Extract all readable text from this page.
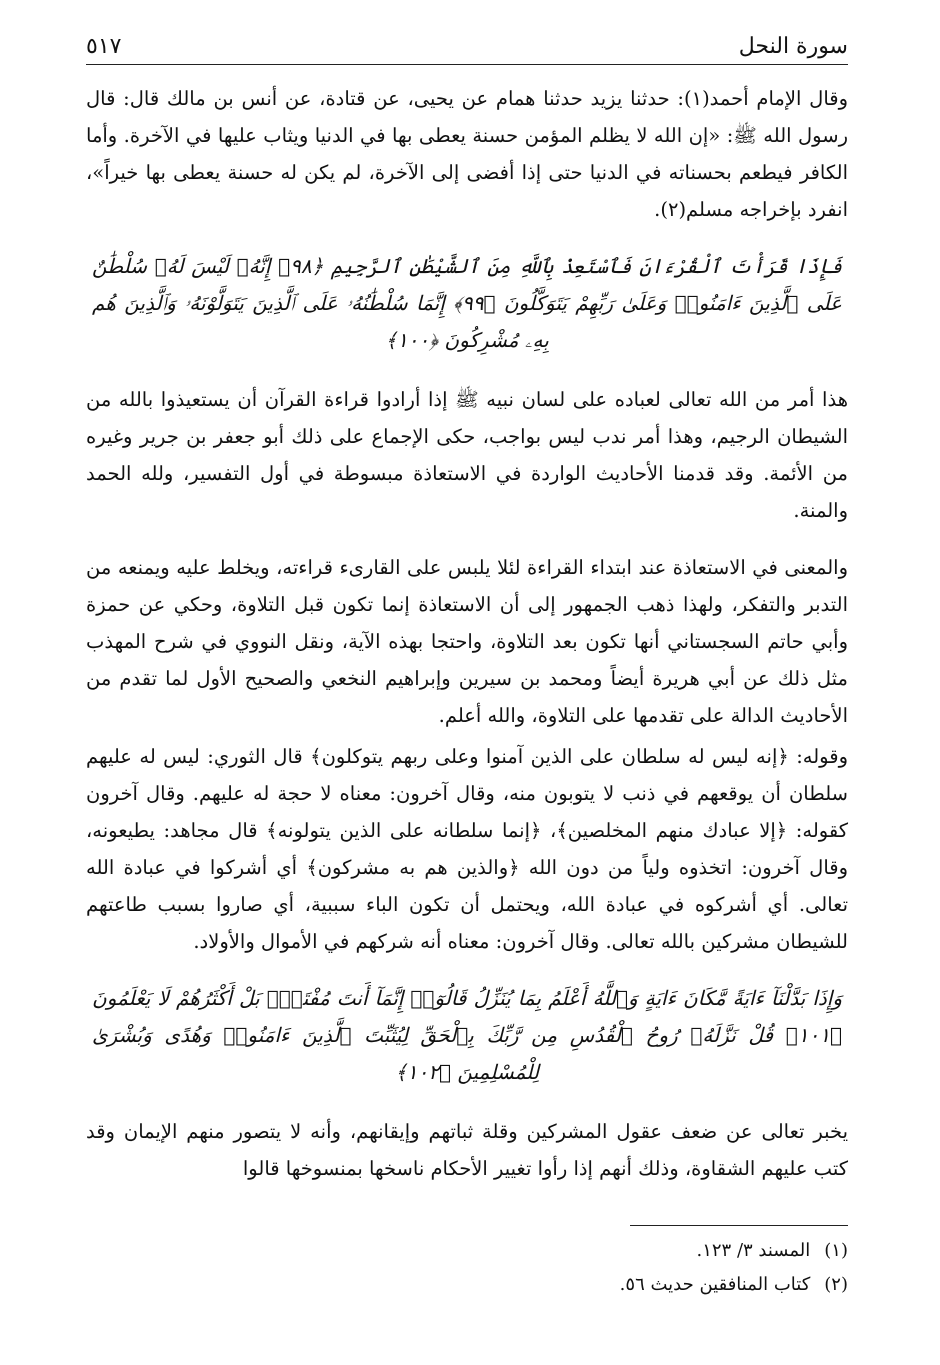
سورة النحل
٥١٧

وقال الإمام أحمد(١): حدثنا يزيد حدثنا همام عن يحيى، عن قتادة، عن أنس بن مالك قال: قال رسول الله ﷺ: «إن الله لا يظلم المؤمن حسنة يعطى بها في الدنيا ويثاب عليها في الآخرة. وأما الكافر فيطعم بحسناته في الدنيا حتى إذا أفضى إلى الآخرة، لم يكن له حسنة يعطى بها خيراً»، انفرد بإخراجه مسلم(٢).

فَإِذَا قَرَأْتَ ٱلْقُرْءَانَ فَٱسْتَعِذْ بِٱللَّهِ مِنَ ٱلشَّيْطَٰنِ ٱلرَّجِيمِ ﴿٩٨﴾ إِنَّهُۥ لَيْسَ لَهُۥ سُلْطَٰنٌ عَلَى ٱلَّذِينَ ءَامَنُوا۟ وَعَلَىٰ رَبِّهِمْ يَتَوَكَّلُونَ ﴿٩٩﴾ إِنَّمَا سُلْطَٰنُهُۥ عَلَى ٱلَّذِينَ يَتَوَلَّوْنَهُۥ وَٱلَّذِينَ هُم بِهِۦ مُشْرِكُونَ ﴿١٠٠﴾

هذا أمر من الله تعالى لعباده على لسان نبيه ﷺ إذا أرادوا قراءة القرآن أن يستعيذوا بالله من الشيطان الرجيم، وهذا أمر ندب ليس بواجب، حكى الإجماع على ذلك أبو جعفر بن جرير وغيره من الأئمة. وقد قدمنا الأحاديث الواردة في الاستعاذة مبسوطة في أول التفسير، ولله الحمد والمنة.

والمعنى في الاستعاذة عند ابتداء القراءة لئلا يلبس على القارىء قراءته، ويخلط عليه ويمنعه من التدبر والتفكر، ولهذا ذهب الجمهور إلى أن الاستعاذة إنما تكون قبل التلاوة، وحكي عن حمزة وأبي حاتم السجستاني أنها تكون بعد التلاوة، واحتجا بهذه الآية، ونقل النووي في شرح المهذب مثل ذلك عن أبي هريرة أيضاً ومحمد بن سيرين وإبراهيم النخعي والصحيح الأول لما تقدم من الأحاديث الدالة على تقدمها على التلاوة، والله أعلم.

وقوله: ﴿إنه ليس له سلطان على الذين آمنوا وعلى ربهم يتوكلون﴾ قال الثوري: ليس له عليهم سلطان أن يوقعهم في ذنب لا يتوبون منه، وقال آخرون: معناه لا حجة له عليهم. وقال آخرون كقوله: ﴿إلا عبادك منهم المخلصين﴾، ﴿إنما سلطانه على الذين يتولونه﴾ قال مجاهد: يطيعونه، وقال آخرون: اتخذوه ولياً من دون الله ﴿والذين هم به مشركون﴾ أي أشركوا في عبادة الله تعالى. أي أشركوه في عبادة الله، ويحتمل أن تكون الباء سببية، أي صاروا بسبب طاعتهم للشيطان مشركين بالله تعالى. وقال آخرون: معناه أنه شركهم في الأموال والأولاد.

وَإِذَا بَدَّلْنَآ ءَايَةً مَّكَانَ ءَايَةٍ وَٱللَّهُ أَعْلَمُ بِمَا يُنَزِّلُ قَالُوٓا۟ إِنَّمَآ أَنتَ مُفْتَرٍۭ بَلْ أَكْثَرُهُمْ لَا يَعْلَمُونَ ﴿١٠١﴾ قُلْ نَزَّلَهُۥ رُوحُ ٱلْقُدُسِ مِن رَّبِّكَ بِٱلْحَقِّ لِيُثَبِّتَ ٱلَّذِينَ ءَامَنُوا۟ وَهُدًى وَبُشْرَىٰ لِلْمُسْلِمِينَ ﴿١٠٢﴾

يخبر تعالى عن ضعف عقول المشركين وقلة ثباتهم وإيقانهم، وأنه لا يتصور منهم الإيمان وقد كتب عليهم الشقاوة، وذلك أنهم إذا رأوا تغيير الأحكام ناسخها بمنسوخها قالوا

(١)المسند ٣/ ١٢٣.
(٢)كتاب المنافقين حديث ٥٦.
